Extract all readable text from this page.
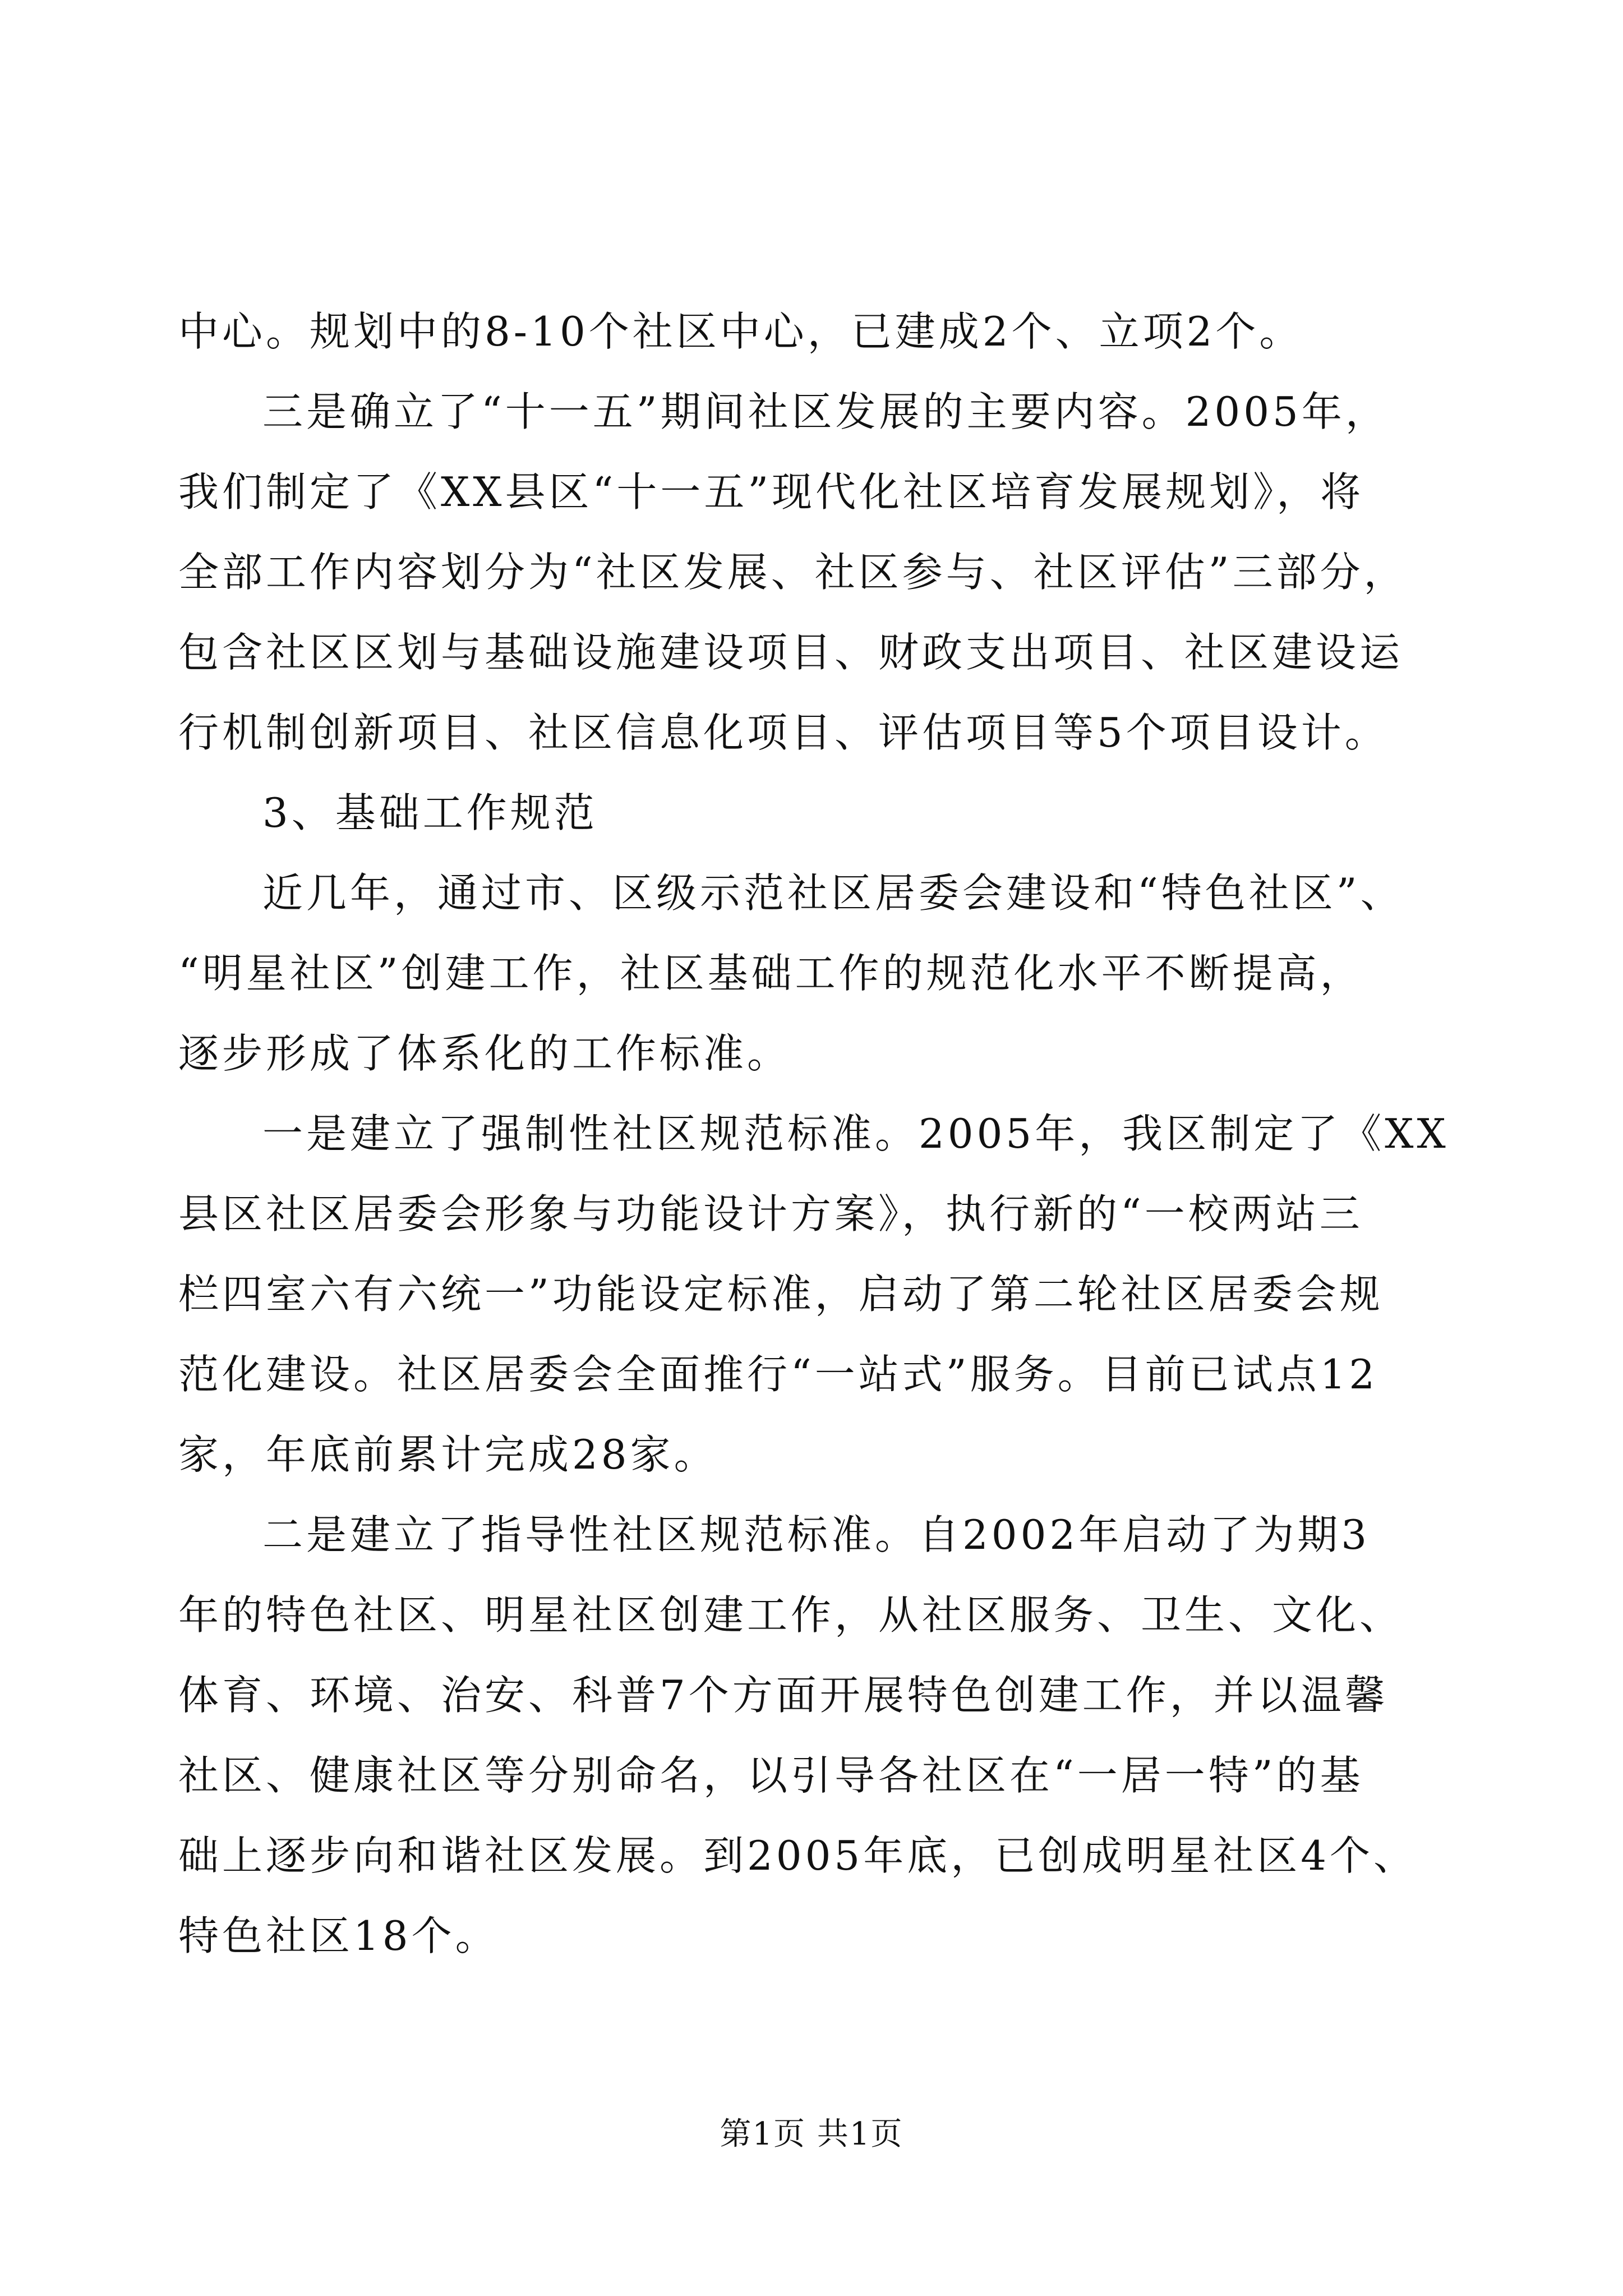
中心。规划中的8-10个社区中心，已建成2个、立项2个。
三是确立了“十一五”期间社区发展的主要内容。2005年，
我们制定了《XX县区“十一五”现代化社区培育发展规划》，将
全部工作内容划分为“社区发展、社区参与、社区评估”三部分，
包含社区区划与基础设施建设项目、财政支出项目、社区建设运
行机制创新项目、社区信息化项目、评估项目等5个项目设计。
3、基础工作规范
近几年，通过市、区级示范社区居委会建设和“特色社区”、
“明星社区”创建工作，社区基础工作的规范化水平不断提高，
逐步形成了体系化的工作标准。
一是建立了强制性社区规范标准。2005年，我区制定了《XX
县区社区居委会形象与功能设计方案》，执行新的“一校两站三
栏四室六有六统一”功能设定标准，启动了第二轮社区居委会规
范化建设。社区居委会全面推行“一站式”服务。目前已试点12
家，年底前累计完成28家。
二是建立了指导性社区规范标准。自2002年启动了为期3
年的特色社区、明星社区创建工作，从社区服务、卫生、文化、
体育、环境、治安、科普7个方面开展特色创建工作，并以温馨
社区、健康社区等分别命名，以引导各社区在“一居一特”的基
础上逐步向和谐社区发展。到2005年底，已创成明星社区4个、
特色社区18个。
第1页 共1页
